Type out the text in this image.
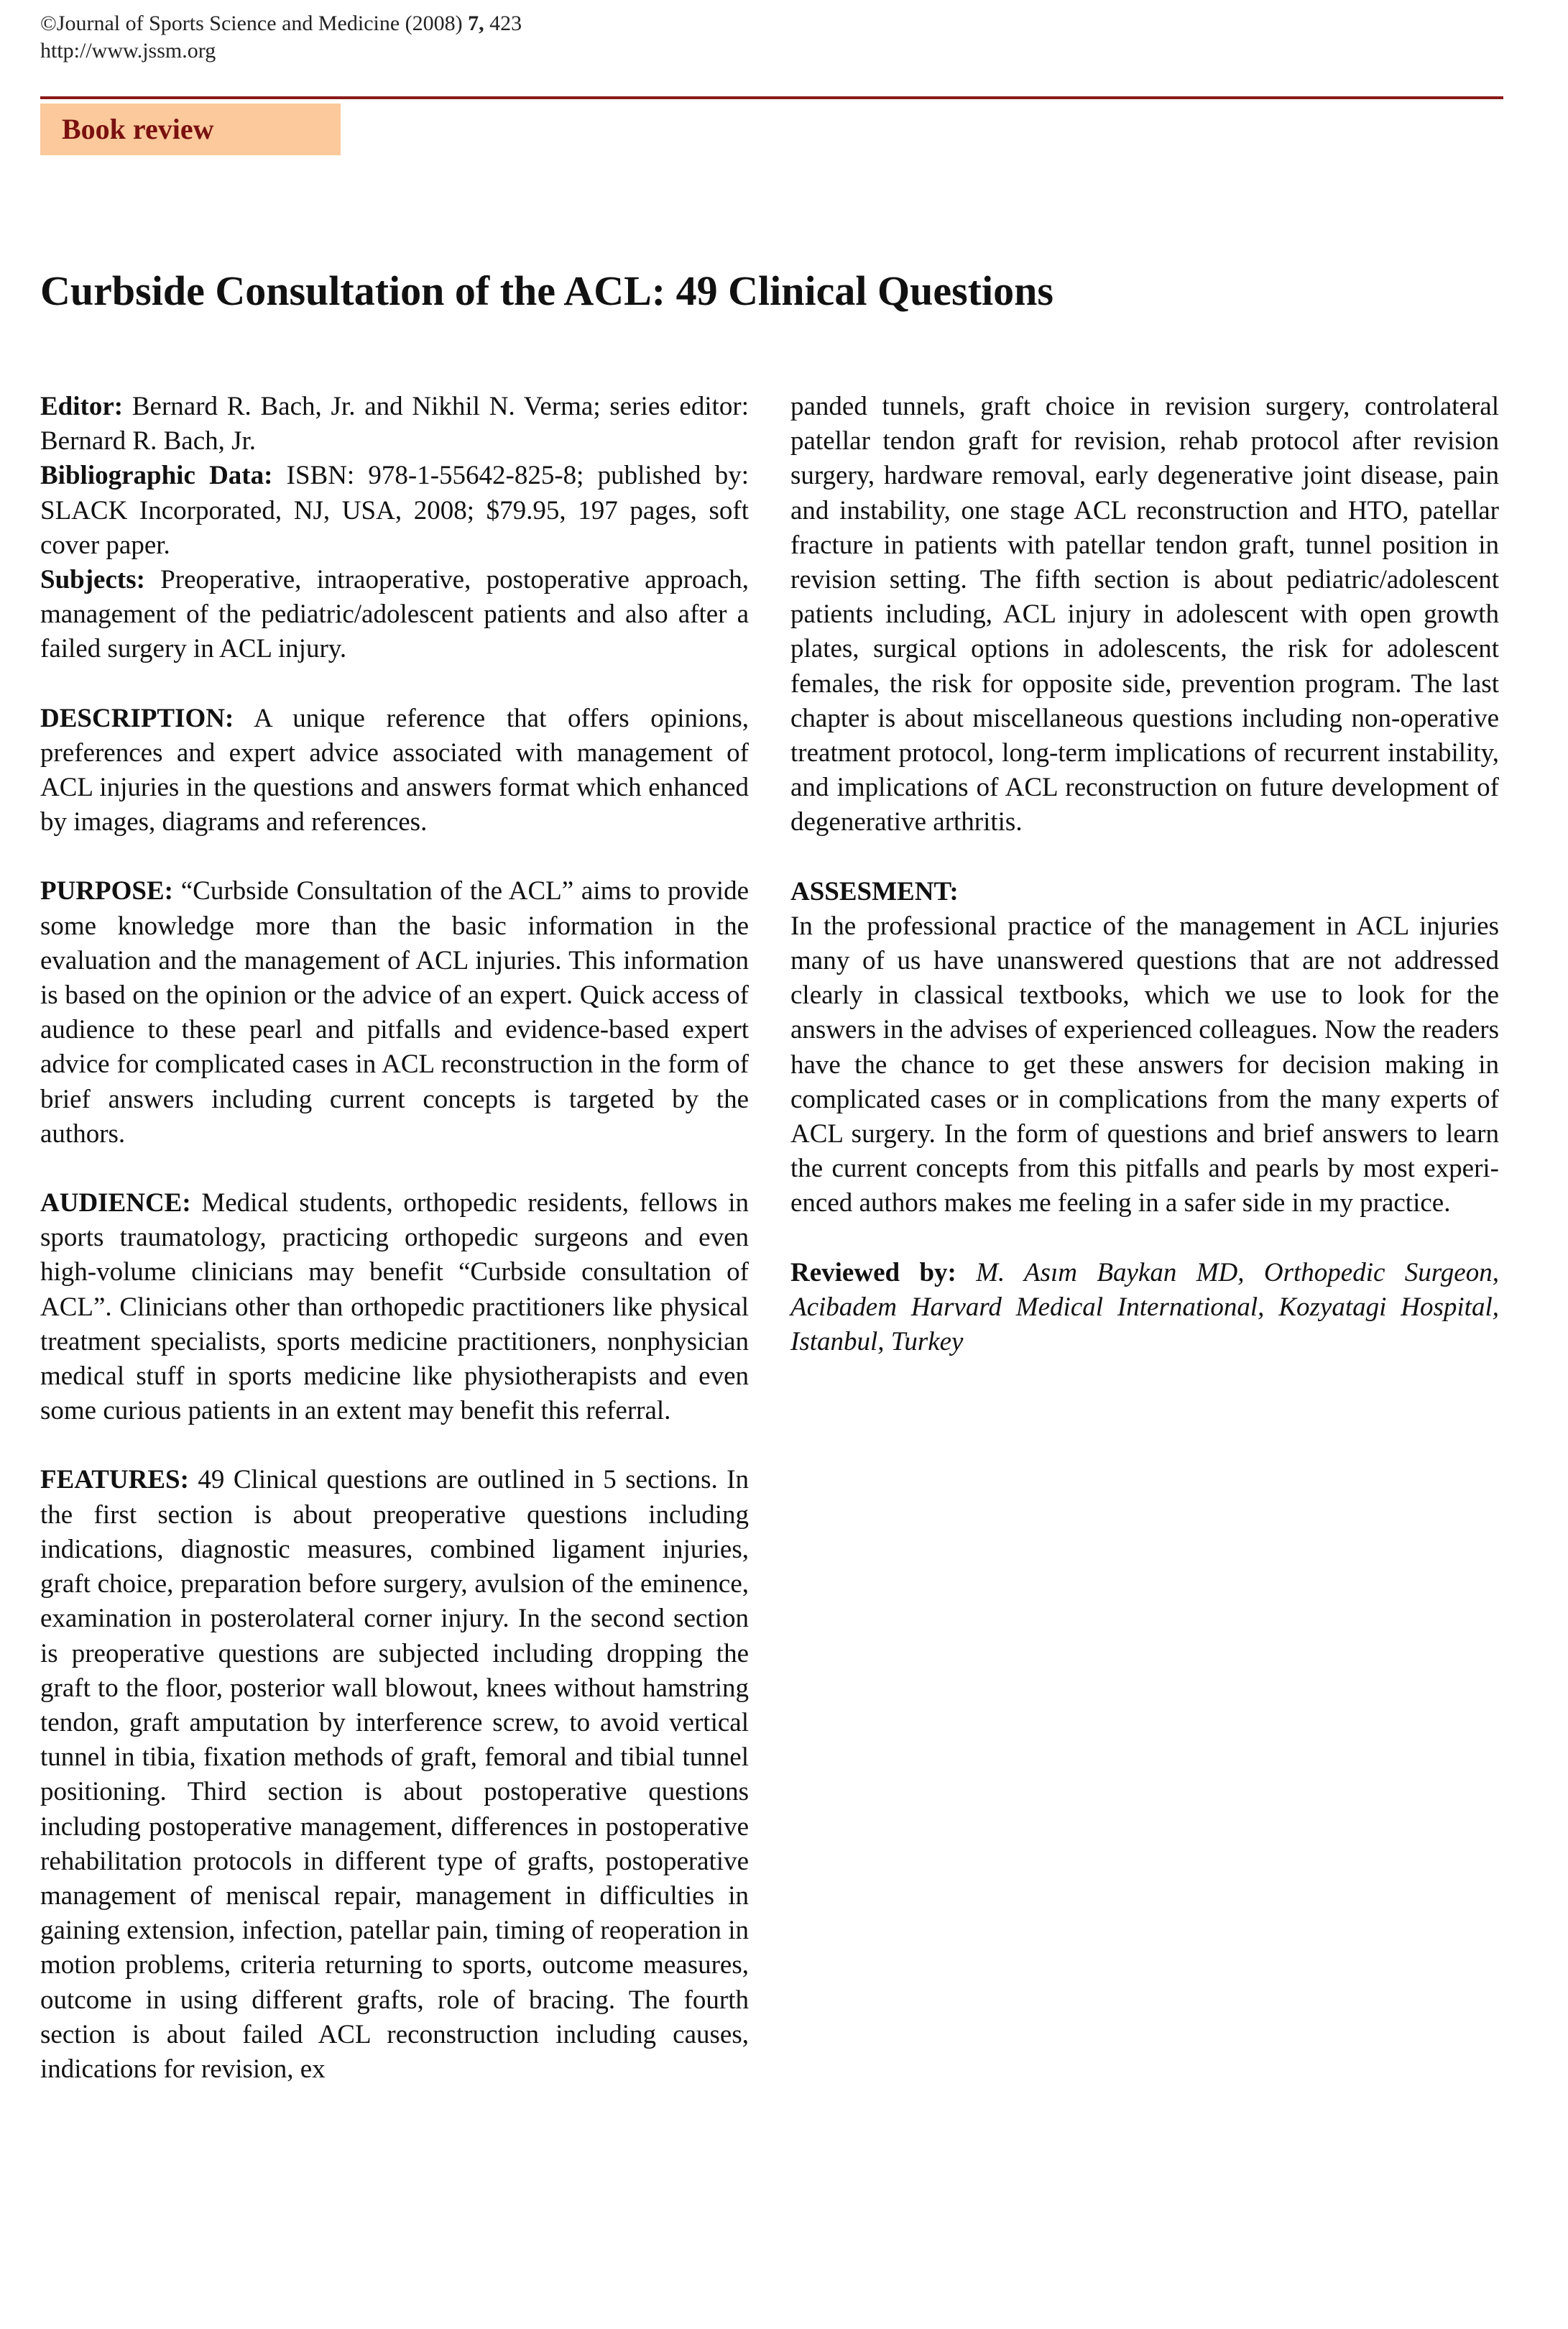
©Journal of Sports Science and Medicine (2008) 7, 423
http://www.jssm.org
Book review
Curbside Consultation of the ACL: 49 Clinical Questions

Editor: Bernard R. Bach, Jr. and Nikhil N. Verma; series editor: Bernard R. Bach, Jr.

Bibliographic Data: ISBN: 978-1-55642-825-8; published by: SLACK Incorporated, NJ, USA, 2008; $79.95, 197 pages, soft cover paper.

Subjects: Preoperative, intraoperative, postoperative approach, management of the pediatric/adolescent patients and also after a failed surgery in ACL injury.

DESCRIPTION: A unique reference that offers opinions, preferences and expert advice associated with management of ACL injuries in the questions and answers format which enhanced by images, diagrams and references.

PURPOSE: “Curbside Consultation of the ACL” aims to provide some knowledge more than the basic information in the evaluation and the management of ACL injuries. This information is based on the opinion or the advice of an expert. Quick access of audience to these pearl and pitfalls and evidence-based expert advice for complicated cases in ACL reconstruction in the form of brief answers including current concepts is targeted by the authors.

AUDIENCE: Medical students, orthopedic residents, fellows in sports traumatology, practicing orthopedic surgeons and even high-volume clinicians may benefit “Curbside consultation of ACL”. Clinicians other than orthopedic practitioners like physical treatment specialists, sports medicine practitioners, nonphysician medical stuff in sports medicine like physiotherapists and even some curious patients in an extent may benefit this referral.

FEATURES: 49 Clinical questions are outlined in 5 sections. In the first section is about preoperative questions including indications, diagnostic measures, combined ligament injuries, graft choice, preparation before surgery, avulsion of the eminence, examination in posterolateral corner injury. In the second section is preoperative questions are subjected including dropping the graft to the floor, posterior wall blowout, knees without hamstring tendon, graft amputation by interference screw, to avoid vertical tunnel in tibia, fixation methods of graft, femoral and tibial tunnel positioning. Third section is about postoperative questions including postoperative management, differences in postoperative rehabilitation protocols in different type of grafts, postoperative management of meniscal repair, management in difficulties in gaining extension, infection, patellar pain, timing of reoperation in motion problems, criteria returning to sports, outcome measures, outcome in using different grafts, role of bracing. The fourth section is about failed ACL reconstruction including causes, indications for revision, ex

panded tunnels, graft choice in revision surgery, controlateral patellar tendon graft for revision, rehab protocol after revision surgery, hardware removal, early degenerative joint disease, pain and instability, one stage ACL reconstruction and HTO, patellar fracture in patients with patellar tendon graft, tunnel position in revision setting. The fifth section is about pediatric/adolescent patients including, ACL injury in adolescent with open growth plates, surgical options in adolescents, the risk for adolescent females, the risk for opposite side, prevention program. The last chapter is about miscellaneous questions including non-operative treatment protocol, long-term implications of recurrent instability, and implications of ACL reconstruction on future development of degenerative arthritis.

ASSESMENT:

In the professional practice of the management in ACL injuries many of us have unanswered questions that are not addressed clearly in classical textbooks, which we use to look for the answers in the advises of experienced colleagues. Now the readers have the chance to get these answers for decision making in complicated cases or in complications from the many experts of ACL surgery. In the form of questions and brief answers to learn the current concepts from this pitfalls and pearls by most experienced authors makes me feeling in a safer side in my practice.

Reviewed by: M. Asım Baykan MD, Orthopedic Surgeon, Acibadem Harvard Medical International, Kozyatagi Hospital, Istanbul, Turkey
